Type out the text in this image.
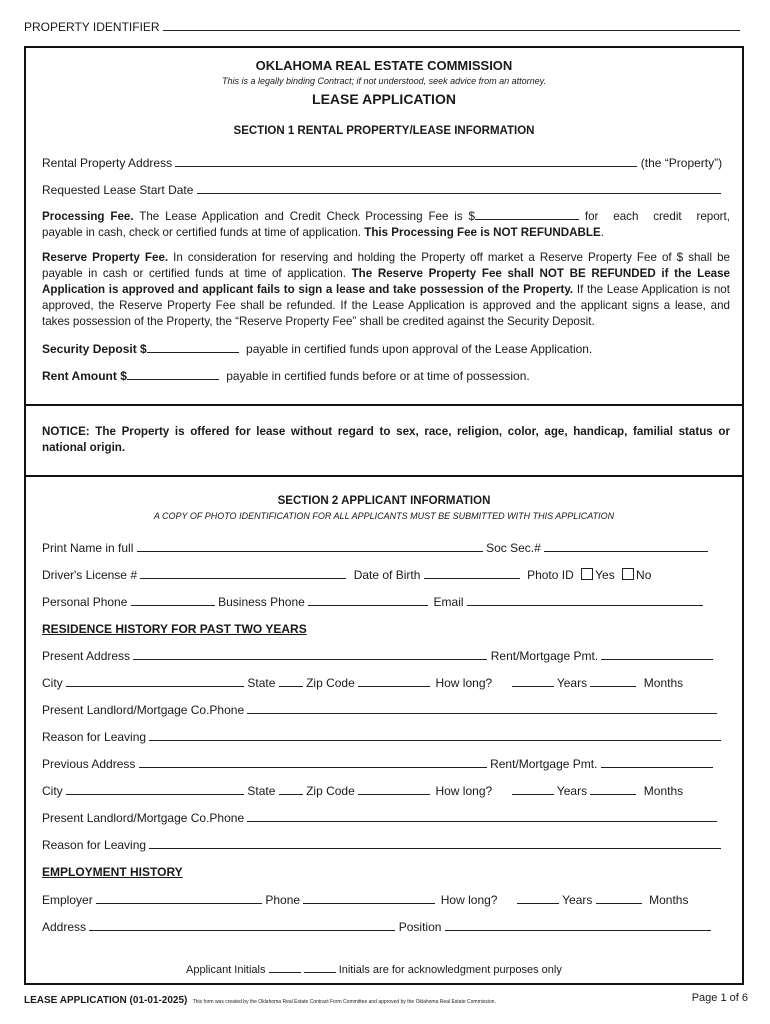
PROPERTY IDENTIFIER
OKLAHOMA REAL ESTATE COMMISSION
This is a legally binding Contract; if not understood, seek advice from an attorney.
LEASE APPLICATION
SECTION 1 RENTAL PROPERTY/LEASE INFORMATION
Rental Property Address	(the “Property”)
Requested Lease Start Date
Processing Fee. The Lease Application and Credit Check Processing Fee is $	for each credit report, payable in cash, check or certified funds at time of application. This Processing Fee is NOT REFUNDABLE.
Reserve Property Fee. In consideration for reserving and holding the Property off market a Reserve Property Fee of $ shall be payable in cash or certified funds at time of application. The Reserve Property Fee shall NOT BE REFUNDED if the Lease Application is approved and applicant fails to sign a lease and take possession of the Property. If the Lease Application is not approved, the Reserve Property Fee shall be refunded. If the Lease Application is approved and the applicant signs a lease, and takes possession of the Property, the “Reserve Property Fee” shall be credited against the Security Deposit.
Security Deposit $	payable in certified funds upon approval of the Lease Application.
Rent Amount $	payable in certified funds before or at time of possession.
NOTICE: The Property is offered for lease without regard to sex, race, religion, color, age, handicap, familial status or national origin.
SECTION 2 APPLICANT INFORMATION
A COPY OF PHOTO IDENTIFICATION FOR ALL APPLICANTS MUST BE SUBMITTED WITH THIS APPLICATION
Print Name in full	Soc Sec.#
Driver's License #	Date of Birth	Photo ID Yes No
Personal Phone	Business Phone	Email
RESIDENCE HISTORY FOR PAST TWO YEARS
Present Address	Rent/Mortgage Pmt.
City	State	Zip Code	How long?	Years	Months
Present Landlord/Mortgage Co.Phone
Reason for Leaving
Previous Address	Rent/Mortgage Pmt.
City	State	Zip Code	How long?	Years	Months
Present Landlord/Mortgage Co.Phone
Reason for Leaving
EMPLOYMENT HISTORY
Employer	Phone	How long?	Years	Months
Address	Position
Applicant Initials	Initials are for acknowledgment purposes only
LEASE APPLICATION (01-01-2025) This form was created by the Oklahoma Real Estate Contract Form Committee and approved by the Oklahoma Real Estate Commission.	Page 1 of 6
